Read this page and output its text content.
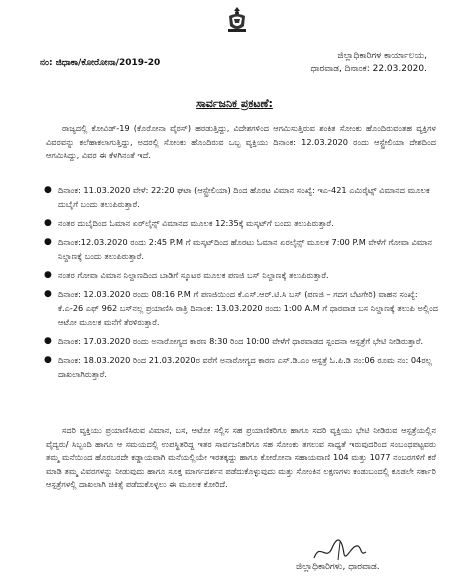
ನಂ: ಜಿಧಾಕಾ/ಕೋರೋನಾ/2019-20
ಜಿಲ್ಲಾಧಿಕಾರಿಗಳ ಕಾರ್ಯಾಲಯ,
ಧಾರವಾಡ, ದಿನಾಂಕ: 22.03.2020.
ಸಾರ್ವಜನಿಕ ಪ್ರಕಟಣೆ:

ರಾಜ್ಯದಲ್ಲಿ ಕೋವಿಡ್-19 (ಕೊರೋನಾ ವೈರಸ್) ಹರಡುತ್ತಿದ್ದು, ವಿದೇಶಗಳಿಂದ ಆಗಮಿಸುತ್ತಿರುವ ಶಂಕಿತ ಸೋಂಕು ಹೊಂದಿರುವಂತಹ ವ್ಯಕ್ತಿಗಳ ವಿವರವನ್ನು ಕಲೆಹಾಕಲಾಗುತ್ತಿದ್ದು, ಅದರಲ್ಲಿ ಸೋಂಕು ಹೊಂದಿರುವ ಒಬ್ಬ ವ್ಯಕ್ತಿಯು ದಿನಾಂಕ: 12.03.2020 ರಂದು ಆಸ್ಟ್ರೇಲಿಯಾ ದೇಶದಿಂದ ಆಗಮಿಸಿದ್ದು, ವಿವರ ಈ ಕೆಳಗಿನಂತೆ ಇದೆ.

● ದಿನಾಂಕ: 11.03.2020 ವೇಳೆ: 22:20 ಘಟಾ (ಆಸ್ಟ್ರೇಲಿಯಾ) ದಿಂದ ಹೊರಟ ವಿಮಾನ ಸಂಖ್ಯೆ: ಇಎ-421 ಎಮಿರೈಟ್ಸ್ ವಿಮಾನದ ಮೂಲಕ ದುಬೈಗೆ ಬಂದು ತಲುಪಿರುತ್ತಾರೆ.
● ನಂತರ ದುಬೈದಿಂದ ಓಮಾನ ಏರ್‌ಲೈನ್ಸ್ ವಿಮಾನದ ಮೂಲಕ 12:35ಕ್ಕೆ ಮಸ್ಕಟ್‌ಗೆ ಬಂದು ತಲುಪಿರುತ್ತಾರೆ.
● ದಿನಾಂಕ:12.03.2020 ರಂದು 2:45 P.M ಗೆ ಮಸ್ಕಟ್‌ದಿಂದ ಹೊರಟು ಓಮಾನ ಏರಲೈನ್ಸ್ ಮೂಲಕ 7:00 P.M ವೇಳೆಗೆ ಗೋವಾ ವಿಮಾನ ನಿಲ್ದಾಣಕ್ಕೆ ಬಂದು ತಲುಪಿರುತ್ತಾರೆ.
● ನಂತರ ಗೋವಾ ವಿಮಾನ ನಿಲ್ದಾಣದಿಂದ ಬಾಡಿಗೆ ಸ್ಕೂಟರ ಮೂಲಕ ಪಣಜಿ ಬಸ್ ನಿಲ್ದಾಣಕ್ಕೆ ತಲುಪಿರುತ್ತಾರೆ.
● ದಿನಾಂಕ: 12.03.2020 ರಂದು 08:16 P.M ಗೆ ಪಣಜಿಯಿಂದ ಕೆ.ಎಸ್.ಆರ್.ಟಿ.ಸಿ ಬಸ್ (ಪಣಜಿ – ಗದಗ ಬೆಟಗೇರಿ) ವಾಹನ ಸಂಖ್ಯೆ: ಕೆ.ಎ-26 ಎಫ್ 962 ಬಸ್‌ನಲ್ಲ ಪ್ರಯಾಣಿಸಿ ರಾತ್ರಿ ದಿನಾಂಕ: 13.03.2020 ರಂದು 1:00 A.M ಗೆ ಧಾರವಾಡ ಬಸ ನಿಲ್ದಾಣಕ್ಕೆ ತಲುಪಿ ಅಲ್ಲಿಂದ ಆಟೋ ಮೂಲಕ ಮನೆಗೆ ತೆರಳಿರುತ್ತಾರೆ.
● ದಿನಾಂಕ: 17.03.2020 ರಂದು ಅನಾರೋಗ್ಯದ ಕಾರಣ 8:30 ರಿಂದ 10:00 ವೇಳೆಗೆ ಧಾರವಾಡದ ಸ್ಪಂದನಾ ಆಸ್ಪತ್ರೆಗೆ ಭೇಟಿ ನೀಡಿರುತ್ತಾರೆ.
● ದಿನಾಂಕ: 18.03.2020 ರಿಂದ 21.03.2020ರ ವರೆಗೆ ಅನಾರೋಗ್ಯದ ಕಾರಣ ಎಸ್.ಡಿ.ಎಂ ಆಸ್ಪತ್ರೆ ಓ.ಪಿ.ಡಿ ನಂ:06 ರೂಮ ನಂ: 04ರಲ್ಲ ದಾಖಲಾಗಿರುತ್ತಾರೆ.

ಸದರಿ ವ್ಯಕ್ತಿಯು ಪ್ರಯಾಣಿಸಿರುವ ವಿಮಾನ, ಬಸ, ಆಟೋ ಸಲ್ಲಿಸ ಸಹ ಪ್ರಯಾಣಿಕರಿಗೂ ಹಾಗೂ ಸದರಿ ವ್ಯಕ್ತಿಯು ಭೇಟಿ ನೀಡಿರುವ ಆಸ್ಪತ್ರೆಯಲ್ಲಿನ ವೈದ್ಯರು/ ಸಿಬ್ಬಂದಿ ಹಾಗೂ ಆ ಸಮಯದಲ್ಲಿ ಉಪಸ್ಥಿತರಿದ್ದ ಇತರ ಸಾರ್ವಜನಿಕರಿಗೂ ಸಹ ಸೋಂಕು ತಗಲುವ ಸಾಧ್ಯತೆ ಇರುವುದರಿಂದ ಸಂಬಂಧಪಟ್ಟವರು ತಮ್ಮ ಮನೆಯಿಂದ ಹೊರಬರದೇ ಕಡ್ಡಾಯವಾಗಿ ಮನೆಯಲ್ಲಿಯೇ ಇರತಕ್ಕದ್ದು ಹಾಗೂ ಕೋರೋನಾ ಸಹಾಯವಾಣಿ 104 ಮತ್ತು 1077 ನಂಬರಗಳಿಗೆ ಕರೆ ಮಾಡಿ ತಮ್ಮ ವಿವರಗಳನ್ನು ನೀಡುವುದು ಹಾಗೂ ಸೂಕ್ತ ಮಾರ್ಗದರ್ಶನ ಪಡೆದುಕೊಳ್ಳುವುದು ಮತ್ತು ಸೋಂಕಿನ ಲಕ್ಷಣಗಳು ಕಂಡುಬಂದಲ್ಲಿ ಕೂಡಲೇ ಸರ್ಕಾರಿ ಆಸ್ಪತ್ರೆಗಳಲ್ಲಿ ದಾಖಲಾಗಿ ಚಿಕಿತ್ಸೆ ಪಡೆದುಕೊಳ್ಳಲು ಈ ಮೂಲಕ ಕೋರಿದೆ.

ಜಿಲ್ಲಾಧಿಕಾರಿಗಳು, ಧಾರವಾಡ.
